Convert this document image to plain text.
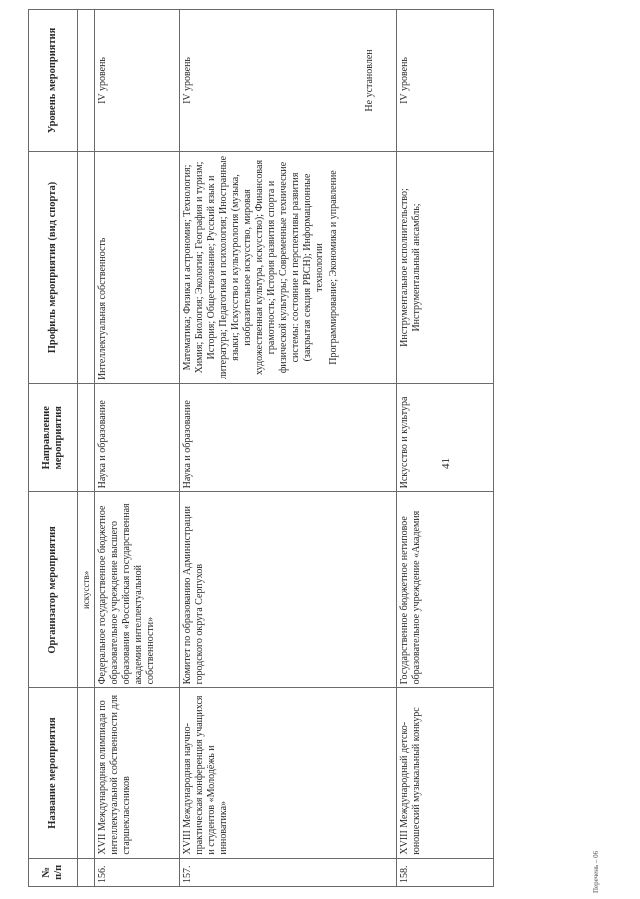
41
Перечень – 06
№ п/п	Название мероприятия	Организатор мероприятия	Направление мероприятия	Профиль мероприятия (вид спорта)	Уровень мероприятия
		искусств»			
156.	XVII Международная олимпиада по интеллектуальной собственности для старшеклассников	Федеральное государственное бюджетное образовательное учреждение высшего образования «Российская государственная академия интеллектуальной собственности»	Наука и образование	Интеллектуальная собственность	IV уровень
157.	XVIII Международная научно-практическая конференция учащихся и студентов «Молодёжь и инноватика»	Комитет по образованию Администрации городского округа Серпухов	Наука и образование	Математика; Физика и астрономия; Технология; Химия; Биология; Экология; География и туризм; История; Обществознание; Русский язык и литература; Педагогика и психология; Иностранные языки; Искусство и культурология (музыка, изобразительное искусство, мировая художественная культура, искусство); Финансовая грамотность; История развития спорта и физической культуры; Современные технические системы: состояние и перспективы развития (закрытая секция РВСН); Информационные технологии Программирование; Экономика и управление	IV уровень Не установлен

158.	XVIII Международный детско-юношеский музыкальный конкурс	Государственное бюджетное нетиповое образовательное учреждение «Академия	Искусство и культура	Инструментальное исполнительство; Инструментальный ансамбль;	IV уровень
